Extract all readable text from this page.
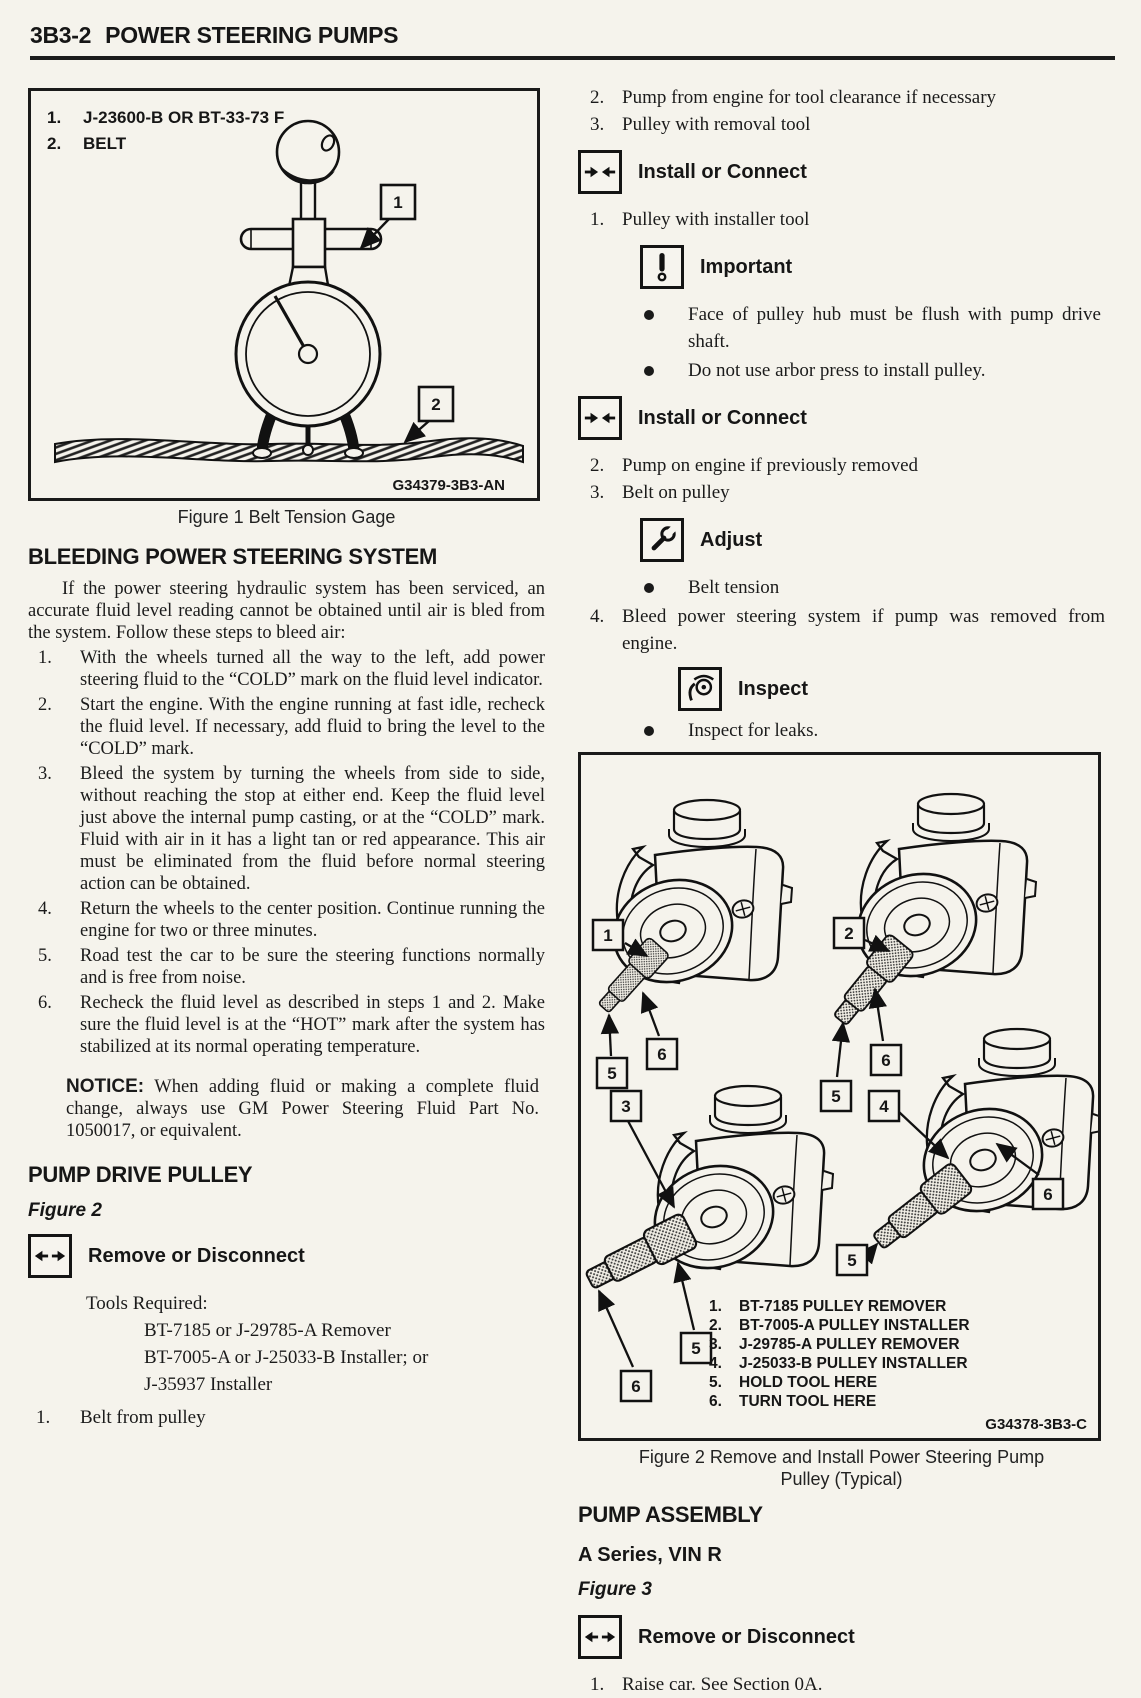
3B3-2 POWER STEERING PUMPS
1. J-23600-B OR BT-33-73 F
2. BELT
1
2
G34379-3B3-AN
Figure 1 Belt Tension Gage
BLEEDING POWER STEERING SYSTEM

If the power steering hydraulic system has been serviced, an accurate fluid level reading cannot be obtained until air is bled from the system. Follow these steps to bleed air:

1.	With the wheels turned all the way to the left, add power steering fluid to the “COLD” mark on the fluid level indicator.
2.	Start the engine. With the engine running at fast idle, recheck the fluid level. If necessary, add fluid to bring the level to the “COLD” mark.
3.	Bleed the system by turning the wheels from side to side, without reaching the stop at either end. Keep the fluid level just above the internal pump casting, or at the “COLD” mark. Fluid with air in it has a light tan or red appearance. This air must be eliminated from the fluid before normal steering action can be obtained.
4.	Return the wheels to the center position. Continue running the engine for two or three minutes.
5.	Road test the car to be sure the steering functions normally and is free from noise.
6.	Recheck the fluid level as described in steps 1 and 2. Make sure the fluid level is at the “HOT” mark after the system has stabilized at its normal operating temperature.

NOTICE: When adding fluid or making a complete fluid change, always use GM Power Steering Fluid Part No. 1050017, or equivalent.

PUMP DRIVE PULLEY
Figure 2
Remove or Disconnect
Tools Required:
BT-7185 or J-29785-A Remover
BT-7005-A or J-25033-B Installer; or
J-35937 Installer
1.	Belt from pulley
2. Pump from engine for tool clearance if necessary
3. Pulley with removal tool
Install or Connect
1. Pulley with installer tool
Important
Face of pulley hub must be flush with pump drive shaft.
Do not use arbor press to install pulley.
Install or Connect
2. Pump on engine if previously removed
3. Belt on pulley
Adjust
Belt tension
4. Bleed power steering system if pump was removed from engine.
Inspect
Inspect for leaks.
1
6
5
2
6
5
3
5
6
4
5
6
1. BT-7185 PULLEY REMOVER
2. BT-7005-A PULLEY INSTALLER
3. J-29785-A PULLEY REMOVER
4. J-25033-B PULLEY INSTALLER
5. HOLD TOOL HERE
6. TURN TOOL HERE
G34378-3B3-C
Figure 2 Remove and Install Power Steering Pump
Pulley (Typical)
PUMP ASSEMBLY
A Series, VIN R
Figure 3
Remove or Disconnect
1. Raise car. See Section 0A.
